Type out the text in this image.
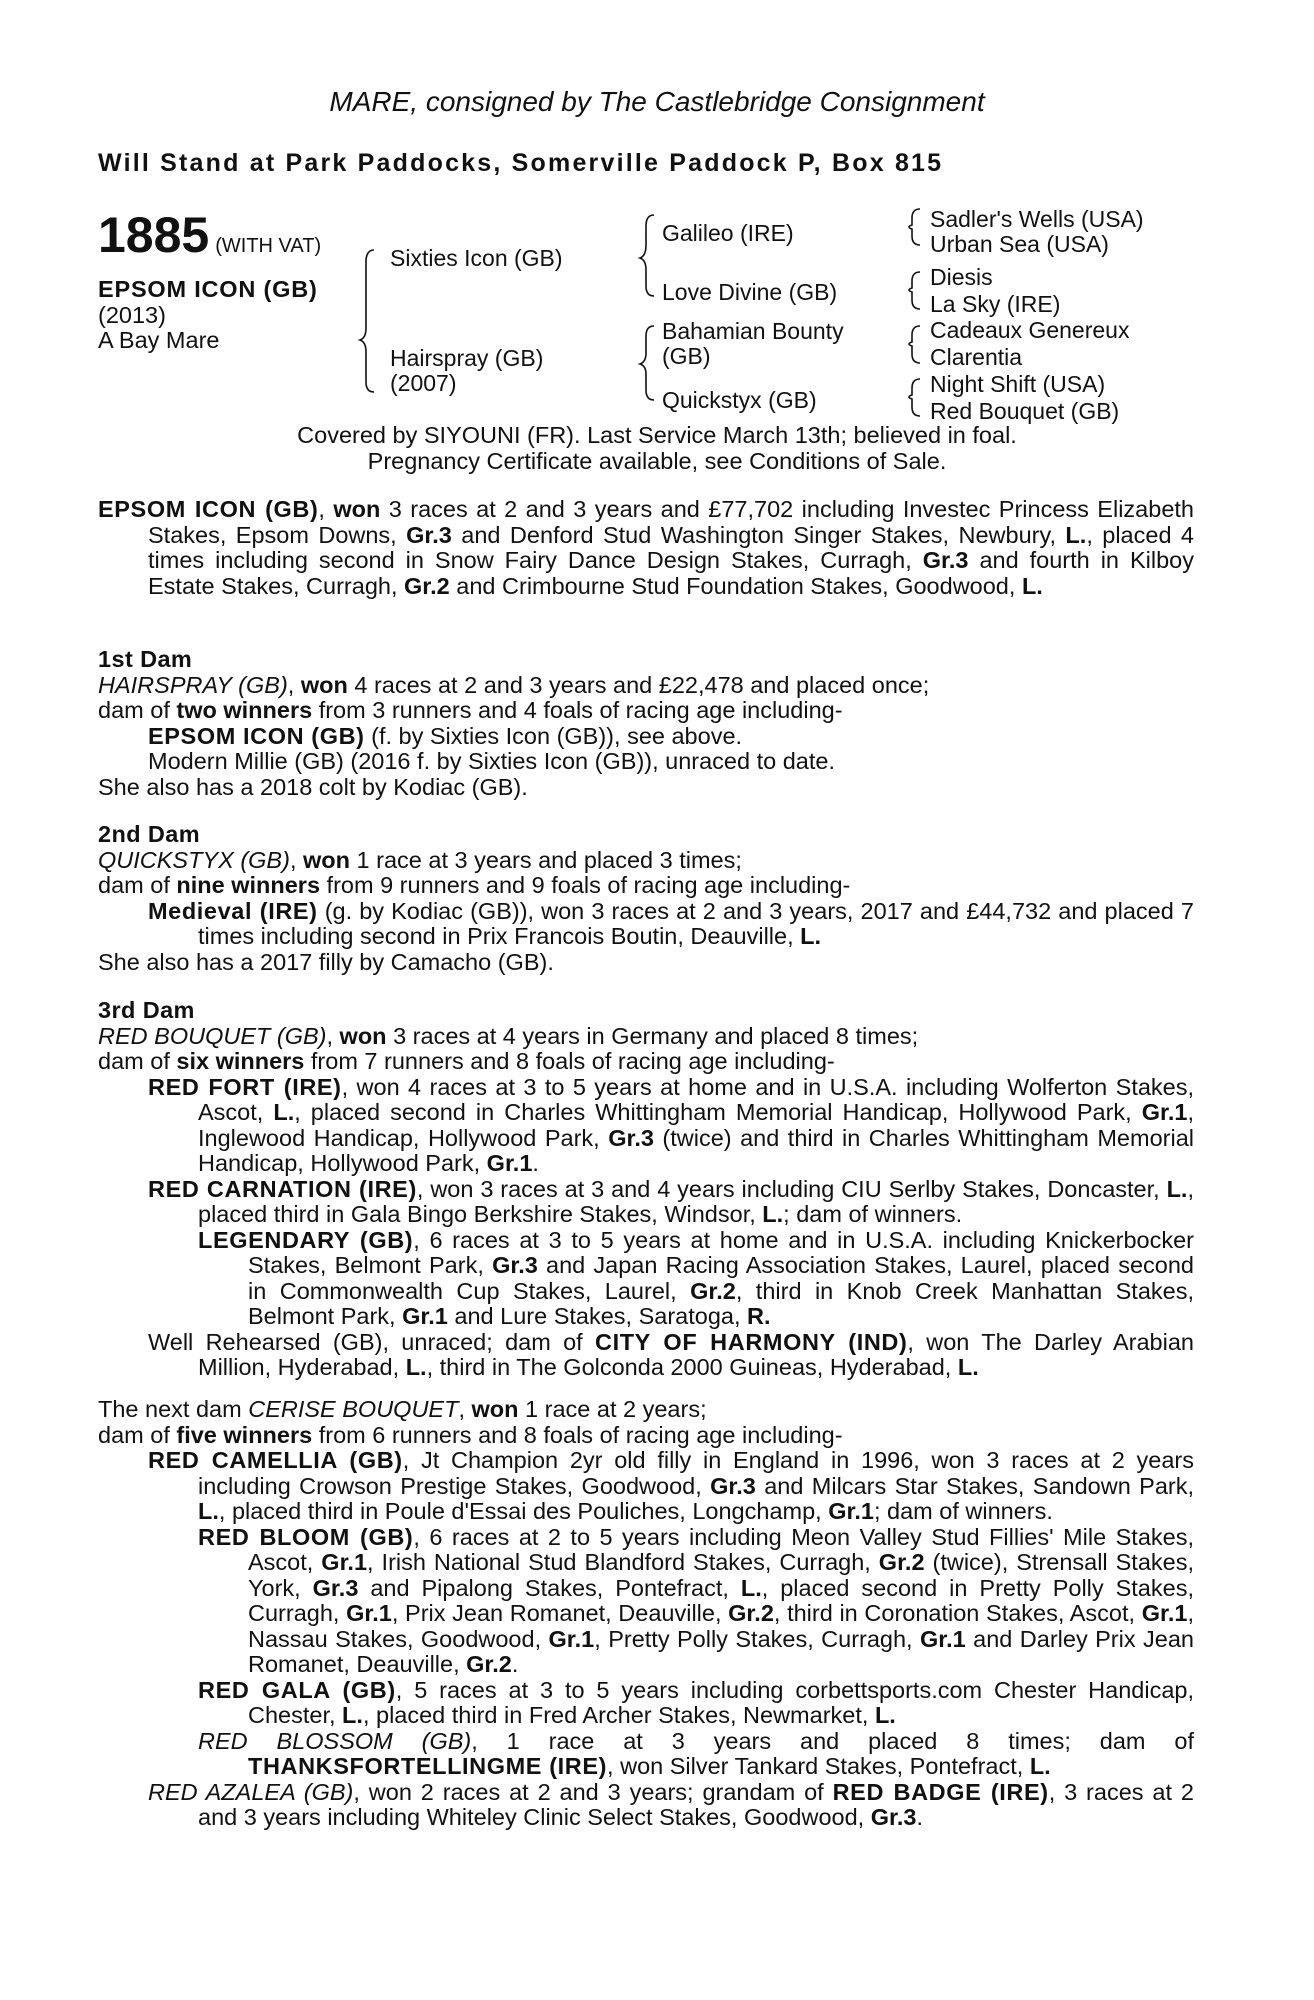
MARE, consigned by The Castlebridge Consignment
Will Stand at Park Paddocks, Somerville Paddock P, Box 815
1885 (WITH VAT)
EPSOM ICON (GB)
(2013)
A Bay Mare
Sixties Icon (GB)
Hairspray (GB)
(2007)
Galileo (IRE)
Love Divine (GB)
Bahamian Bounty
(GB)
Quickstyx (GB)
Sadler's Wells (USA)
Urban Sea (USA)
Diesis
La Sky (IRE)
Cadeaux Genereux
Clarentia
Night Shift (USA)
Red Bouquet (GB)
Covered by SIYOUNI (FR). Last Service March 13th; believed in foal.
Pregnancy Certificate available, see Conditions of Sale.

EPSOM ICON (GB), won 3 races at 2 and 3 years and £77,702 including Investec Princess Elizabeth Stakes, Epsom Downs, Gr.3 and Denford Stud Washington Singer Stakes, Newbury, L., placed 4 times including second in Snow Fairy Dance Design Stakes, Curragh, Gr.3 and fourth in Kilboy Estate Stakes, Curragh, Gr.2 and Crimbourne Stud Foundation Stakes, Goodwood, L.

1st Dam

HAIRSPRAY (GB), won 4 races at 2 and 3 years and £22,478 and placed once;

dam of two winners from 3 runners and 4 foals of racing age including-

EPSOM ICON (GB) (f. by Sixties Icon (GB)), see above.

Modern Millie (GB) (2016 f. by Sixties Icon (GB)), unraced to date.

She also has a 2018 colt by Kodiac (GB).

2nd Dam

QUICKSTYX (GB), won 1 race at 3 years and placed 3 times;

dam of nine winners from 9 runners and 9 foals of racing age including-

Medieval (IRE) (g. by Kodiac (GB)), won 3 races at 2 and 3 years, 2017 and £44,732 and placed 7 times including second in Prix Francois Boutin, Deauville, L.

She also has a 2017 filly by Camacho (GB).

3rd Dam

RED BOUQUET (GB), won 3 races at 4 years in Germany and placed 8 times;

dam of six winners from 7 runners and 8 foals of racing age including-

RED FORT (IRE), won 4 races at 3 to 5 years at home and in U.S.A. including Wolferton Stakes, Ascot, L., placed second in Charles Whittingham Memorial Handicap, Hollywood Park, Gr.1, Inglewood Handicap, Hollywood Park, Gr.3 (twice) and third in Charles Whittingham Memorial Handicap, Hollywood Park, Gr.1.

RED CARNATION (IRE), won 3 races at 3 and 4 years including CIU Serlby Stakes, Doncaster, L., placed third in Gala Bingo Berkshire Stakes, Windsor, L.; dam of winners.

LEGENDARY (GB), 6 races at 3 to 5 years at home and in U.S.A. including Knickerbocker Stakes, Belmont Park, Gr.3 and Japan Racing Association Stakes, Laurel, placed second in Commonwealth Cup Stakes, Laurel, Gr.2, third in Knob Creek Manhattan Stakes, Belmont Park, Gr.1 and Lure Stakes, Saratoga, R.

Well Rehearsed (GB), unraced; dam of CITY OF HARMONY (IND), won The Darley Arabian Million, Hyderabad, L., third in The Golconda 2000 Guineas, Hyderabad, L.

The next dam CERISE BOUQUET, won 1 race at 2 years;

dam of five winners from 6 runners and 8 foals of racing age including-

RED CAMELLIA (GB), Jt Champion 2yr old filly in England in 1996, won 3 races at 2 years including Crowson Prestige Stakes, Goodwood, Gr.3 and Milcars Star Stakes, Sandown Park, L., placed third in Poule d'Essai des Pouliches, Longchamp, Gr.1; dam of winners.

RED BLOOM (GB), 6 races at 2 to 5 years including Meon Valley Stud Fillies' Mile Stakes, Ascot, Gr.1, Irish National Stud Blandford Stakes, Curragh, Gr.2 (twice), Strensall Stakes, York, Gr.3 and Pipalong Stakes, Pontefract, L., placed second in Pretty Polly Stakes, Curragh, Gr.1, Prix Jean Romanet, Deauville, Gr.2, third in Coronation Stakes, Ascot, Gr.1, Nassau Stakes, Goodwood, Gr.1, Pretty Polly Stakes, Curragh, Gr.1 and Darley Prix Jean Romanet, Deauville, Gr.2.

RED GALA (GB), 5 races at 3 to 5 years including corbettsports.com Chester Handicap, Chester, L., placed third in Fred Archer Stakes, Newmarket, L.

RED BLOSSOM (GB), 1 race at 3 years and placed 8 times; dam of THANKSFORTELLINGME (IRE), won Silver Tankard Stakes, Pontefract, L.

RED AZALEA (GB), won 2 races at 2 and 3 years; grandam of RED BADGE (IRE), 3 races at 2 and 3 years including Whiteley Clinic Select Stakes, Goodwood, Gr.3.
